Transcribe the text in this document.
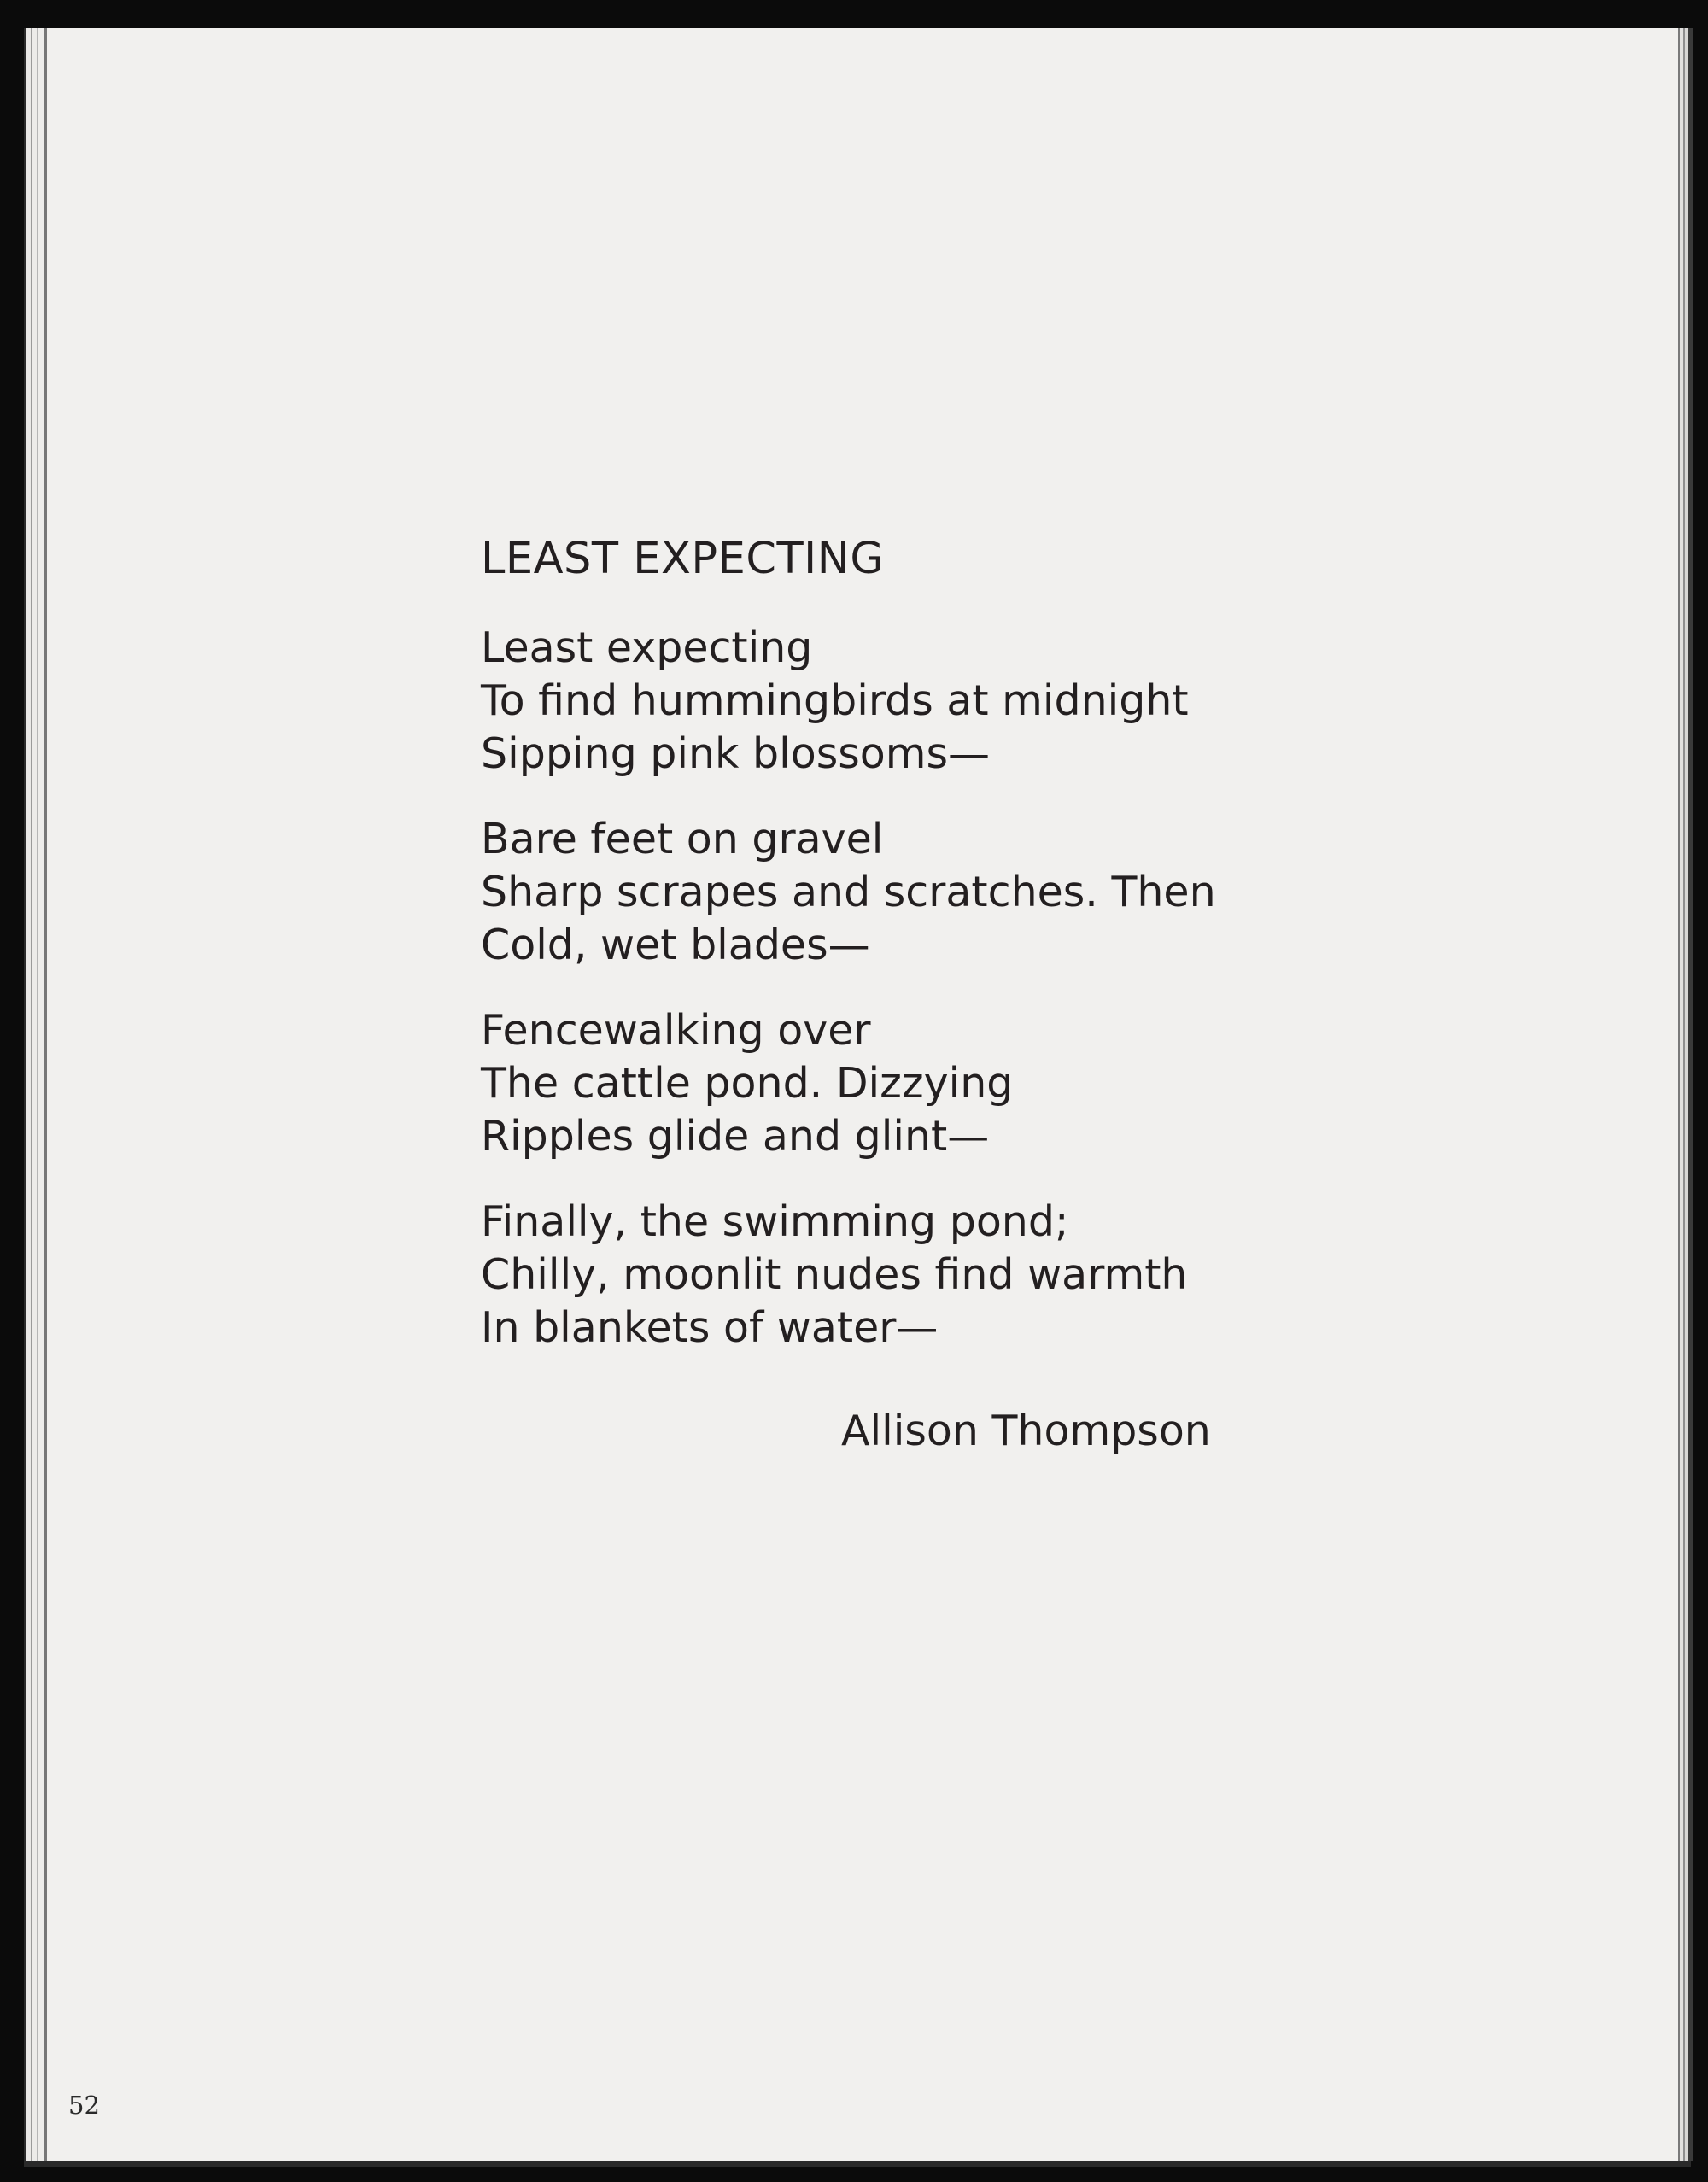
LEAST EXPECTING
Least expecting
To find hummingbirds at midnight
Sipping pink blossoms—
Bare feet on gravel
Sharp scrapes and scratches. Then
Cold, wet blades—
Fencewalking over
The cattle pond. Dizzying
Ripples glide and glint—
Finally, the swimming pond;
Chilly, moonlit nudes find warmth
In blankets of water—
Allison Thompson
52
